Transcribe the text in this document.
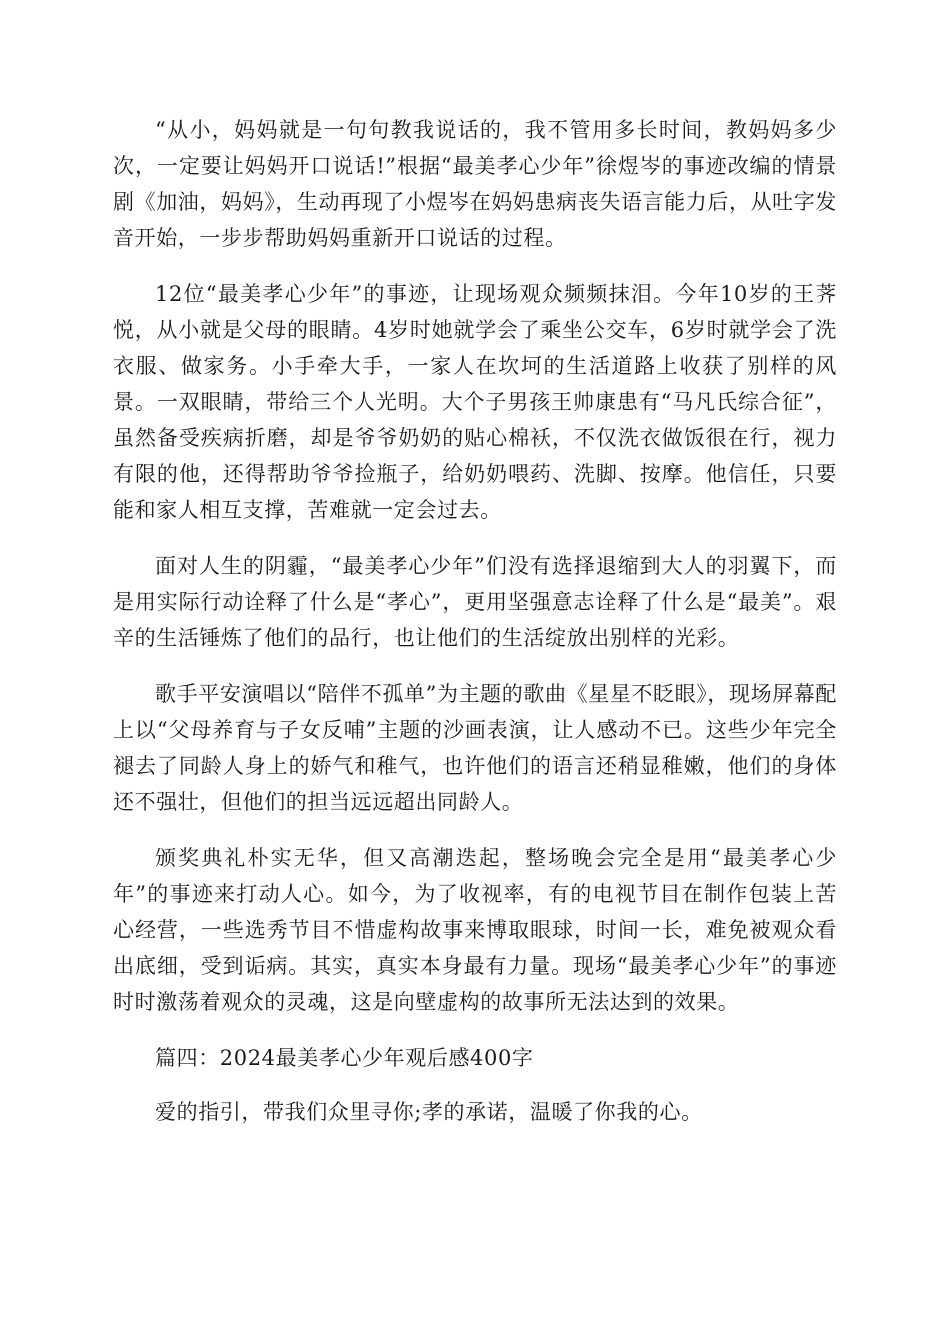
“从小，妈妈就是一句句教我说话的，我不管用多长时间，教妈妈多少次，一定要让妈妈开口说话!”根据“最美孝心少年”徐煜岑的事迹改编的情景剧《加油，妈妈》，生动再现了小煜岑在妈妈患病丧失语言能力后，从吐字发音开始，一步步帮助妈妈重新开口说话的过程。

12位“最美孝心少年”的事迹，让现场观众频频抹泪。今年10岁的王荠悦，从小就是父母的眼睛。4岁时她就学会了乘坐公交车，6岁时就学会了洗衣服、做家务。小手牵大手，一家人在坎坷的生活道路上收获了别样的风景。一双眼睛，带给三个人光明。大个子男孩王帅康患有“马凡氏综合征”，虽然备受疾病折磨，却是爷爷奶奶的贴心棉袄，不仅洗衣做饭很在行，视力有限的他，还得帮助爷爷捡瓶子，给奶奶喂药、洗脚、按摩。他信任，只要能和家人相互支撑，苦难就一定会过去。

面对人生的阴霾，“最美孝心少年”们没有选择退缩到大人的羽翼下，而是用实际行动诠释了什么是“孝心”，更用坚强意志诠释了什么是“最美”。艰辛的生活锤炼了他们的品行，也让他们的生活绽放出别样的光彩。

歌手平安演唱以“陪伴不孤单”为主题的歌曲《星星不眨眼》，现场屏幕配上以“父母养育与子女反哺”主题的沙画表演，让人感动不已。这些少年完全褪去了同龄人身上的娇气和稚气，也许他们的语言还稍显稚嫩，他们的身体还不强壮，但他们的担当远远超出同龄人。

颁奖典礼朴实无华，但又高潮迭起，整场晚会完全是用“最美孝心少年”的事迹来打动人心。如今，为了收视率，有的电视节目在制作包装上苦心经营，一些选秀节目不惜虚构故事来博取眼球，时间一长，难免被观众看出底细，受到诟病。其实，真实本身最有力量。现场“最美孝心少年”的事迹时时激荡着观众的灵魂，这是向壁虚构的故事所无法达到的效果。

篇四：2024最美孝心少年观后感400字

爱的指引，带我们众里寻你;孝的承诺，温暖了你我的心。
